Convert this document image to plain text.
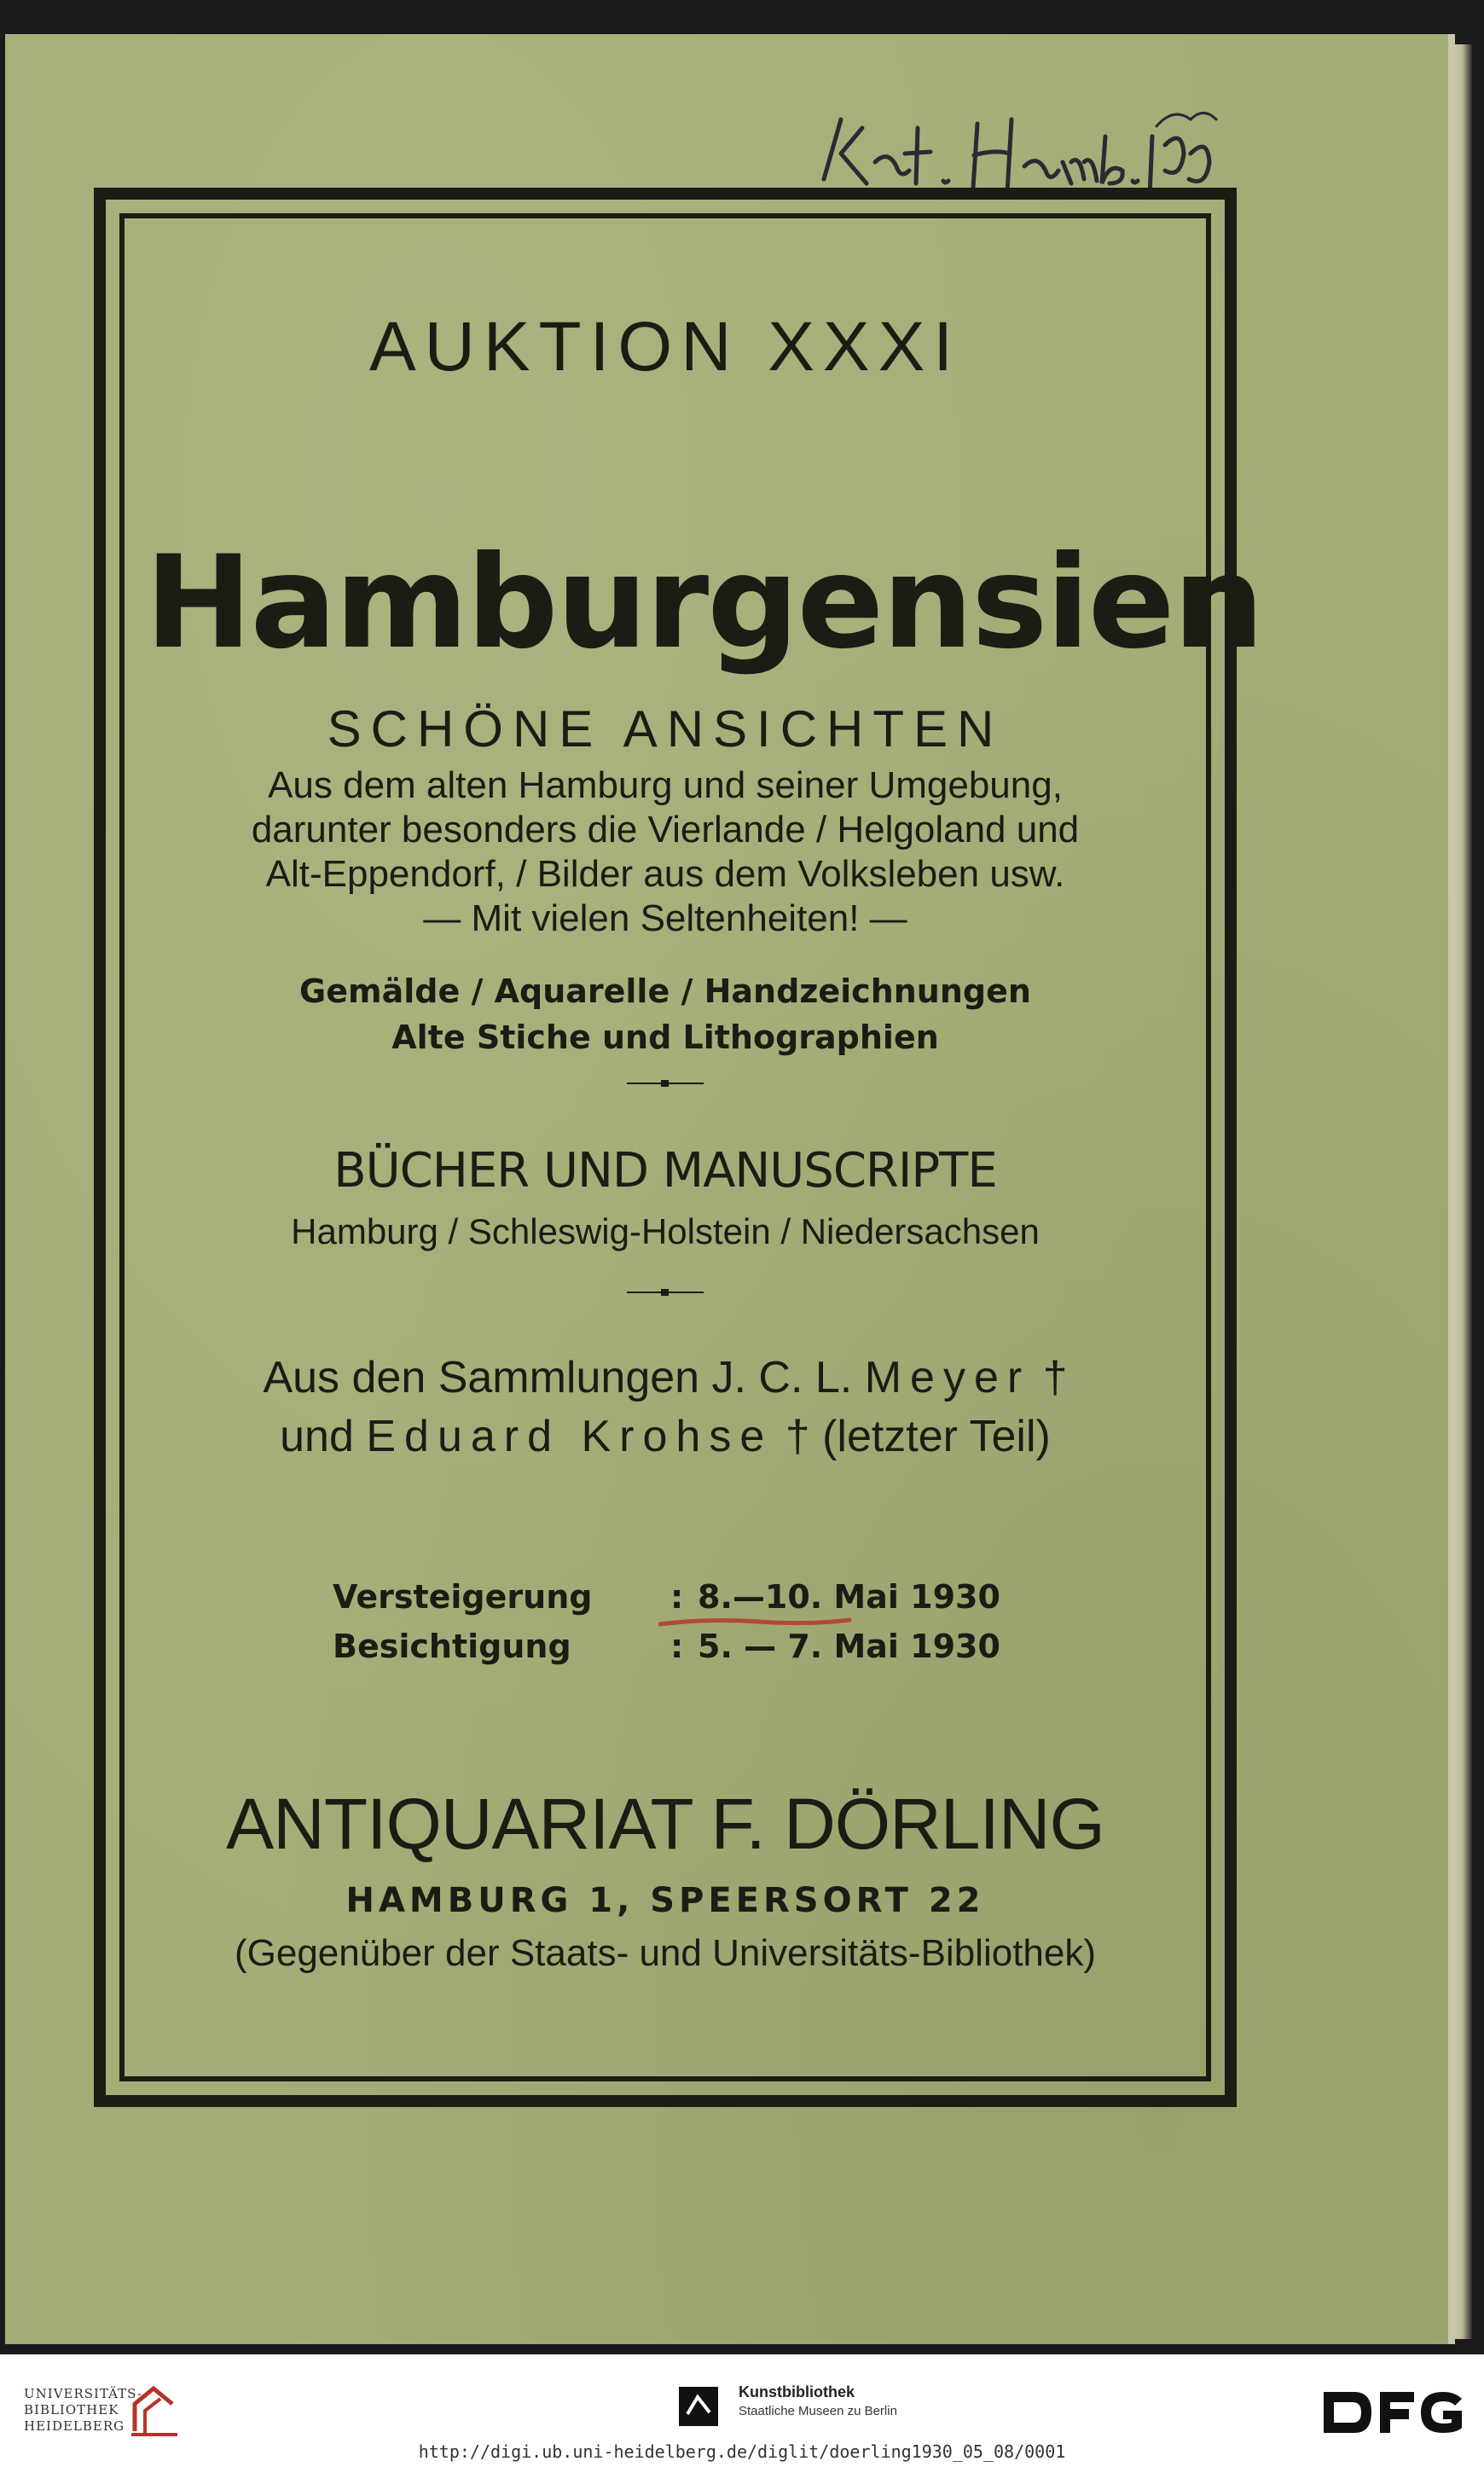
AUKTION XXXI
Hamburgensien
SCHÖNE ANSICHTEN
Aus dem alten Hamburg und seiner Umgebung,
darunter besonders die Vierlande / Helgoland und
Alt-Eppendorf, / Bilder aus dem Volksleben usw.
— Mit vielen Seltenheiten! —
Gemälde / Aquarelle / Handzeichnungen
Alte Stiche und Lithographien
BÜCHER UND MANUSCRIPTE
Hamburg / Schleswig-Holstein / Niedersachsen
Aus den Sammlungen J. C. L. Meyer †
und Eduard Krohse † (letzter Teil)
Versteigerung	: 8.—10. Mai 1930
Besichtigung	: 5. — 7. Mai 1930
ANTIQUARIAT F. DÖRLING
HAMBURG 1, SPEERSORT 22
(Gegenüber der Staats- und Universitäts-Bibliothek)
UNIVERSITÄTS-
BIBLIOTHEK
HEIDELBERG
Kunstbibliothek
Staatliche Museen zu Berlin
http://digi.ub.uni-heidelberg.de/diglit/doerling1930_05_08/0001
